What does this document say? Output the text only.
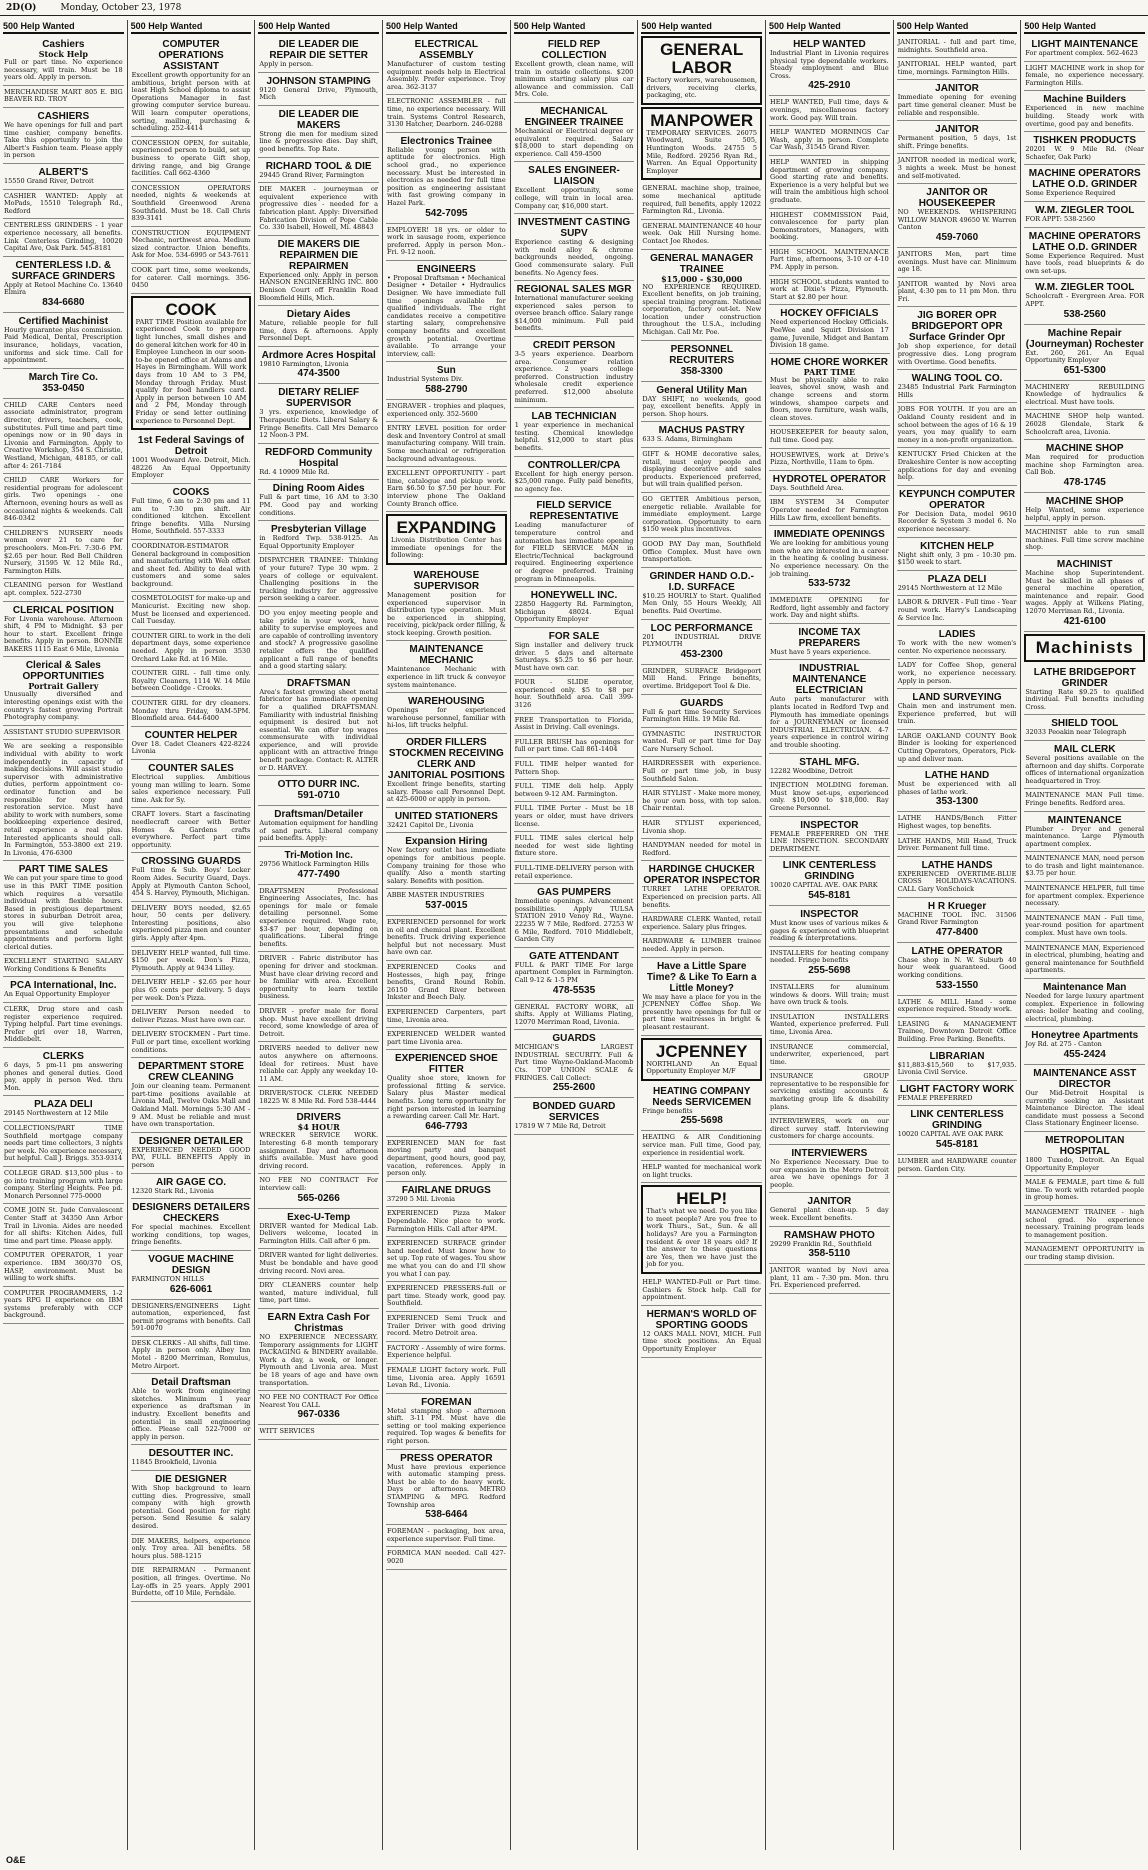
2D(O)	Monday, October 23, 1978
500 Help Wanted
Cashiers
Stock Help
Full or part time. No experience necessary, will train. Must be 18 years old. Apply in person.
MERCHANDISE MART 805 E. BIG BEAVER RD. TROY
CASHIERS
We have openings for full and part time cashier, company benefits. Take this opportunity to join the Albert's Fashion team. Please apply in person
ALBERT'S
15550 Grand River, Detroit
CASHIER WANTED: Apply at MoPads, 15510 Telegraph Rd., Redford
CENTERLESS GRINDERS - 1 year experience necessary, all benefits. Link Centerless Grinding, 10020 Capital Ave, Oak Park. 545-8181
CENTERLESS I.D. & SURFACE GRINDERS
Apply at Retool Machine Co. 13640 Elmira
834-6680
Certified Machinist
Hourly guarantee plus commission. Paid Medical, Dental, Prescription insurance, holidays, vacation, uniforms and sick time. Call for appointment.
March Tire Co.
353-0450
CHILD CARE Centers need associate administrator, program director, drivers, teachers, cook, substitutes. Full time and part time openings now or in 90 days in Livonia and Farmington. Apply to Creative Workshop, 354 S. Christie, Westland, Michigan, 48185, or call after 4: 261-7184
CHILD CARE Workers for residential program for adolescent girls. Two openings - one Afternoon, evening hours as well as occasional nights & weekends. Call 846-0342
CHILDREN'S NURSERY needs woman over 21 to care for preschoolers. Mon-Fri. 7:30-6 PM. $2.65 per hour. Red Bell Children Nursery, 31595 W. 12 Mile Rd., Farmington Hills.
CLEANING person for Westland apt. complex. 522-2730
CLERICAL POSITION
For Livonia warehouse. Afternoon shift, 4 PM to Midnight. $3 per hour to start. Excellent fringe benefits. Apply in person. BONNIE BAKERS 1115 East 6 Mile, Livonia
Clerical & Sales OPPORTUNITIES
Portrait Gallery
Unusually diversified and interesting openings exist with the country's fastest growing Portrait Photography company.
ASSISTANT STUDIO SUPERVISOR
We are seeking a responsible individual with ability to work independently in capacity of making decisions. Will assist studio supervisor with administrative duties, perform appointment co-ordinator function and be responsible for copy and restoration service. Must have ability to work with numbers, some bookkeeping experience desired, retail experience a real plus. Interested applicants should call: In Farmington, 553-3800 ext 219. In Livonia, 476-6300
PART TIME SALES
We can put your spare time to good use in this PART TIME position which requires a versatile individual with flexible hours. Based in prestigious department stores in suburban Detroit area, you will give telephone presentations and schedule appointments and perform light clerical duties.
EXCELLENT STARTING SALARY Working Conditions & Benefits
PCA International, Inc.
An Equal Opportunity Employer
CLERK, Drug store and cash register experience required. Typing helpful. Part time evenings. Prefer girl over 18, Warren, Middlebelt.
CLERKS
6 days, 5 pm-11 pm answering phones and general duties. Good pay, apply in person Wed. thru Mon.
PLAZA DELI
29145 Northwestern at 12 Mile
COLLECTIONS/PART TIME Southfield mortgage company needs part time collectors, 3 nights per week. No experience necessary, but helpful. Call J. Briggs. 353-9314
COLLEGE GRAD. $13,500 plus - to go into training program with large company. Sterling Heights. Fee pd. Monarch Personnel 775-0000
COME JOIN St. Jude Convalescent Center Staff at 34350 Ann Arbor Trail in Livonia. Aides are needed for all shifts: Kitchen Aides, full time and part time. Please apply.
COMPUTER OPERATOR, 1 year experience. IBM 360/370 OS, HASP, environment. Must be willing to work shifts.
COMPUTER PROGRAMMERS, 1-2 years RPG II experience on IBM systems preferably with CCP background.
500 Help Wanted
COMPUTER OPERATIONS ASSISTANT
Excellent growth opportunity for an ambitious, bright person with at least High School diploma to assist Operations Manager in fast growing computer service bureau. Will learn computer operations, sorting, mailing, purchasing & scheduling. 252-4414
CONCESSION OPEN, for suitable, experienced person to build, set up business to operate Gift shop, driving range, and big Grange facilities. Call 662-4360
CONCESSION OPERATORS needed, nights & weekends at Southfield Greenwood Arena Southfield. Must be 18. Call Chris 839-3141
CONSTRUCTION EQUIPMENT Mechanic, northwest area. Medium sized contractor. Union benefits. Ask for Moe. 534-6995 or 543-7611
COOK part time, some weekends, for caterer. Call mornings. 356-0450
COOK
PART TIME Position available for experienced Cook to prepare light lunches, small dishes and do general kitchen work for 40 in Employee Luncheon in our soon-to-be opened office at Adams and Hayes in Birmingham. Will work days from 10 AM to 3 PM, Monday through Friday. Must qualify for food handlers card. Apply in person between 10 AM and 2 PM, Monday through Friday or send letter outlining experience to Personnel Dept.
1st Federal Savings of Detroit
1001 Woodward Ave. Detroit, Mich. 48226 An Equal Opportunity Employer
COOKS
Full time, 6 am to 2:30 pm and 11 am to 7:30 pm shift. Air conditioned kitchen. Excellent fringe benefits. Villa Nursing Home, Southfield. 557-3333
COORDINATOR-ESTIMATOR General background in composition and manufacturing with Web offset and sheet fed. Ability to deal with customers and some sales background.
COSMETOLOGIST for make-up and Manicurist. Exciting new shop. Must be licensed and experienced. Call Tuesday.
COUNTER GIRL to work in the deli department days, some experience needed. Apply in person 3530 Orchard Lake Rd. at 16 Mile.
COUNTER GIRL - full time only. Royalty Cleaners, 1114 W. 14 Mile between Coolidge - Crooks.
COUNTER GIRL for dry cleaners. Monday thru Friday, 9AM-5PM. Bloomfield area. 644-6400
COUNTER HELPER
Over 18. Cadet Cleaners 422-8224 Livonia
COUNTER SALES
Electrical supplies. Ambitious young man willing to learn. Some sales experience necessary. Full time. Ask for Sy.
CRAFT lovers. Start a fascinating needlecraft career with Better Homes & Gardens crafts everywhere. Perfect part time opportunity.
CROSSING GUARDS
Full time & Sub. Boys' Locker Room Aides. Security Guard, Days. Apply at Plymouth Canton School, 454 S. Harvey, Plymouth, Michigan.
DELIVERY BOYS needed, $2.65 hour, 50 cents per delivery. Interesting positions, also experienced pizza men and counter girls. Apply after 4pm.
DELIVERY HELP wanted, full time. $150 per week. Don's Pizza, Plymouth. Apply at 9434 Lilley.
DELIVERY HELP - $2.65 per hour plus 65 cents per delivery. 5 days per week. Don's Pizza.
DELIVERY Person needed to deliver Pizzas. Must have own car.
DELIVERY STOCKMEN - Part time. Full or part time, excellent working conditions.
DEPARTMENT STORE CREW CLEANING
Join our cleaning team. Permanent part-time positions available at Livonia Mall, Twelve Oaks Mall and Oakland Mall. Mornings 5:30 AM - 9 AM. Must be reliable and must have own transportation.
DESIGNER DETAILER
EXPERIENCED NEEDED GOOD PAY, FULL BENEFITS Apply in person
AIR GAGE CO.
12320 Stark Rd., Livonia
DESIGNERS DETAILERS CHECKERS
For special machines. Excellent working conditions, top wages, fringe benefits.
VOGUE MACHINE DESIGN
FARMINGTON HILLS
626-6061
DESIGNERS/ENGINEERS Light automation, experienced, fast permit programs with benefits. Call 591-0070
DESK CLERKS - All shifts, full time. Apply in person only. Albey Inn Motel - 8200 Merriman, Romulus, Metro Airport.
Detail Draftsman
Able to work from engineering sketches. Minimum 1 year experience as draftsman in industry. Excellent benefits and potential in small engineering office. Please call 522-7000 or apply in person.
DESOUTTER INC.
11845 Brookfield, Livonia
DIE DESIGNER
With Shop background to learn cutting dies. Progressive, small company with high growth potential. Good position for right person. Send Resume & salary desired.
DIE MAKERS, helpers, experience only. Troy area. All benefits. 58 hours plus. 588-1215
DIE REPAIRMAN - Permanent position, all fringes. Overtime. No Lay-offs in 25 years. Apply 2901 Burdette, off 10 Mile, Ferndale.
500 Help Wanted
DIE LEADER DIE REPAIR DIE SETTER
Apply in person.
JOHNSON STAMPING
9120 General Drive, Plymouth, Mich
DIE LEADER DIE MAKERS
Strong die men for medium sized line & progressive dies. Day shift, good benefits. Top Rate.
RICHARD TOOL & DIE
29445 Grand River, Farmington
DIE MAKER - journeyman or equivalent experience with progressive dies - needed for a fabrication plant. Apply: Diversified Fabrication Division of Pope Cable Co. 330 Isabell, Howell, Mi. 48843
DIE MAKERS DIE REPAIRMEN DIE REPAIRMEN
Experienced only. Apply in person HANSON ENGINEERING INC. 800 Denison Court off Franklin Road Bloomfield Hills, Mich.
Dietary Aides
Mature, reliable people for full time, days & afternoons. Apply Personnel Dept.
Ardmore Acres Hospital
19810 Farmington, Livonia
474-3500
DIETARY RELIEF SUPERVISOR
3 yrs. experience, knowledge of Therapeutic Diets. Liberal Salary & Fringe Benefits. Call Mrs Demarco 12 Noon-3 PM.
REDFORD Community Hospital
Rd. 4 10909 Mile Rd.
Dining Room Aides
Full & part time, 16 AM to 3:30 PM. Good pay and working conditions.
Presbyterian Village
in Redford Twp. 538-9125. An Equal Opportunity Employer
DISPATCHER TRAINEE: Thinking of your future? Type 30 wpm. 2 years of college or equivalent. Challenging positions in the trucking industry for aggressive person seeking a career.
DO you enjoy meeting people and take pride in your work, have ability to supervise employees and are capable of controlling inventory and stock? A progressive gasoline retailer offers the qualified applicant a full range of benefits and a good starting salary.
DRAFTSMAN
Area's fastest growing sheet metal fabricator has immediate opening for a qualified DRAFTSMAN. Familiarity with industrial finishing equipment is desired but not essential. We can offer top wages commensurate with individual experience, and will provide applicant with an attractive fringe benefit package. Contact: R. ALTER or D. HARVEY.
OTTO DURR INC.
591-0710
Draftsman/Detailer
Automation equipment for handling of sand parts. Liberal company paid benefits. Apply:
Tri-Motion Inc.
29756 Whitlock Farmington Hills
477-7490
DRAFTSMEN Professional Engineering Associates, Inc. has openings for male or female detailing personnel. Some experience required. Wage rate, $3-$7 per hour, depending on qualifications. Liberal fringe benefits.
DRIVER - Fabric distributor has opening for driver and stockman. Must have clear driving record and be familiar with area. Excellent opportunity to learn textile business.
DRIVER - prefer male for floral shop. Must have excellent driving record, some knowledge of area of Detroit.
DRIVERS needed to deliver new autos anywhere on afternoons. Ideal for retirees. Must have reliable car. Apply any weekday 10-11 AM.
DRIVER/STOCK CLERK NEEDED 18225 W. 8 Mile Rd. Ford 538-4444
DRIVERS
$4 HOUR
WRECKER SERVICE WORK. Interesting 6-8 month temporary assignment. Day and afternoon shifts available. Must have good driving record.
NO FEE NO CONTRACT For interview call:
565-0266
Exec-U-Temp
DRIVER wanted for Medical Lab. Delivers welcome, located in Farmington Hills. Call after 6 pm.
DRIVER wanted for light deliveries. Must be bondable and have good driving record. Novi area.
DRY CLEANERS counter help wanted, mature individual, full time, part time.
EARN Extra Cash For Christmas
NO EXPERIENCE NECESSARY. Temporary assignments for LIGHT PACKAGING & BINDERY available. Work a day, a week, or longer. Plymouth and Livonia area. Must be 18 years of age and have own transportation.
NO FEE NO CONTRACT For Office Nearest You CALL
967-0336
WITT SERVICES
500 Help Wanted
ELECTRICAL ASSEMBLY
Manufacturer of custom testing equipment needs help in Electrical Assembly. Prefer experience. Troy area. 362-3137
ELECTRONIC ASSEMBLER - full time, no experience necessary. Will train. Systems Control Research, 3130 Hatcher, Dearborn. 246-0288
Electronics Trainee
Reliable young person with aptitude for electronics. High school grad., no experience necessary. Must be interested in electronics as needed for full time position as engineering assistant with fast growing company in Hazel Park.
542-7095
EMPLOYER! 18 yrs. or older to work in sausage room, experience preferred. Apply in person Mon.-Fri. 9-12 noon.
ENGINEERS
• Proposal Draftsman • Mechanical Designer • Detailer • Hydraulics Designer. We have immediate full time openings available for qualified individuals. The right candidates receive a competitive starting salary, comprehensive company benefits and excellent growth potential. Overtime available. To arrange your interview, call:
Sun
Industrial Systems Div.
588-2790
ENGRAVER - trophies and plaques, experienced only. 352-5600
ENTRY LEVEL position for order desk and Inventory Control at small manufacturing company. Will train. Some mechanical or refrigeration background advantageous.
EXCELLENT OPPORTUNITY - part time, catalogue and pickup work. Earn $6.50 to $7.50 per hour. For interview phone The Oakland County Branch office.
EXPANDING
Livonia Distribution Center has immediate openings for the following:
WAREHOUSE SUPERVISOR
Management position for experienced supervisor in distribution type operation. Must be experienced in shipping, receiving, pick/pack order filling, & stock keeping. Growth position.
MAINTENANCE MECHANIC
Maintenance Mechanic with experience in lift truck & conveyor system maintenance.
WAREHOUSING
Openings for experienced warehouse personnel, familiar with hi-los, lift trucks helpful.
ORDER FILLERS STOCKMEN RECEIVING CLERK AND JANITORIAL POSITIONS
Excellent fringe benefits, starting salary. Please call Personnel Dept. at 425-6000 or apply in person.
UNITED STATIONERS
32421 Capitol Dr., Livonia
Expansion Hiring
New factory outlet has immediate openings for ambitious people. Company training for those who qualify. Also a month starting salary. Benefits with position.
ABBE MASTER INDUSTRIES
537-0015
EXPERIENCED personnel for work in oil and chemical plant. Excellent benefits. Truck driving experience helpful but not necessary. Must have own car.
EXPERIENCED Cooks and Hostesses, high pay, fringe benefits, Grand Round Robin. 26150 Grand River between Inkster and Beech Daly.
EXPERIENCED Carpenters, part time, Livonia area.
EXPERIENCED WELDER wanted part time Livonia area.
EXPERIENCED SHOE FITTER
Quality shoe store, known for professional fitting & service. Salary plus Master medical benefits. Long term opportunity for right person interested in learning a rewarding career. Call Mr. Hart.
646-7793
EXPERIENCED MAN for fast moving party and banquet department, good hours, good pay, vacation, references. Apply in person only.
FAIRLANE DRUGS
37290 5 Mil. Livonia
EXPERIENCED Pizza Maker Dependable. Nice place to work. Farmington Hills. Call after 4PM.
EXPERIENCED SURFACE grinder hand needed. Must know how to set up. Top rate of wages. You show me what you can do and I'll show you what I can pay.
EXPERIENCED PRESSERS-full or part time. Steady work, good pay. Southfield.
EXPERIENCED Semi Truck and Trailer Driver with good driving record. Metro Detroit area.
FACTORY - Assembly of wire forms. Experience helpful.
FEMALE LIGHT factory work. Full time, Livonia area. Apply 16591 Levan Rd., Livonia.
FOREMAN
Metal stamping shop - afternoon shift. 3-11 PM. Must have die setting or tool making experience required. Top wages & benefits for right person.
PRESS OPERATOR
Must have previous experience with automatic stamping press. Must be able to do heavy work. Days or afternoons. METRO STAMPING & MFG. Redford Township area
538-6464
FOREMAN - packaging, box area, experience supervisor. Full time.
FORMICA MAN needed. Call 427-9020
500 Help Wanted
FIELD REP COLLECTION
Excellent growth, clean name, will train in outside collections. $200 minimum starting salary plus car allowance and commission. Call Mrs. Cole.
MECHANICAL ENGINEER TRAINEE
Mechanical or Electrical degree or equivalent required. Salary $18,000 to start depending on experience. Call 459-4500
SALES ENGINEER-LIAISON
Excellent opportunity, some college, will train in local area. Company car, $16,000 start.
INVESTMENT CASTING SUPV
Experience casting & designing with mold alloy & chrome backgrounds needed, ongoing. Good commensurate salary. Full benefits. No Agency fees.
REGIONAL SALES MGR
International manufacturer seeking experienced sales person to oversee branch office. Salary range $14,000 minimum. Full paid benefits.
CREDIT PERSON
3-5 years experience. Dearborn area. Consumer relation experience. 2 years college preferred. Construction industry wholesale credit experience preferred. $12,000 absolute minimum.
LAB TECHNICIAN
1 year experience in mechanical testing. Chemical knowledge helpful. $12,000 to start plus benefits.
CONTROLLER/CPA
Excellent for high energy person. $25,000 range. Fully paid benefits, no agency fee.
FIELD SERVICE REPRESENTATIVE
Leading manufacturer of temperature control and automation has immediate opening for FIELD SERVICE MAN in Electric/Technical background required. Engineering experience or degree preferred. Training program in Minneapolis.
HONEYWELL INC.
22850 Haggerty Rd. Farmington, Michigan 48024. Equal Opportunity Employer
FOR SALE
Sign installer and delivery truck driver. 5 days and alternate Saturdays. $5.25 to $6 per hour. Must have own car.
FOUR - SLIDE operator, experienced only. $5 to $8 per hour. Southfield area. Call 399-3126
FREE Transportation to Florida, Assist in Driving. Call evenings.
FULLER BRUSH has openings for full or part time. Call 861-1404
FULL TIME helper wanted for Pattern Shop.
FULL TIME deli help. Apply between 9-12 AM. Farmington.
FULL TIME Porter - Must be 18 years or older, must have drivers license.
FULL TIME sales clerical help needed for west side lighting fixture store.
FULL-TIME-DELIVERY person with retail experience.
GAS PUMPERS
Immediate openings. Advancement possibilities. Apply TULSA STATION 2910 Venoy Rd., Wayne. 22235 W 7 Mile, Redford. 27253 W 6 Mile, Redford. 7010 Middlebelt, Garden City
GATE ATTENDANT
FULL & PART TIME For large apartment Complex in Farmington. Call 9-12 & 1-5 PM
478-5535
GENERAL FACTORY WORK, all shifts. Apply at Williams Plating, 12070 Merriman Road, Livonia.
GUARDS
MICHIGAN'S LARGEST INDUSTRIAL SECURITY. Full & Part time Wayne-Oakland-Macomb Cts. TOP UNION SCALE & FRINGES. Call Collect:
255-2600
BONDED GUARD SERVICES
17819 W 7 Mile Rd, Detroit
500 Help wanted
GENERAL LABOR
Factory workers, warehousemen, drivers, receiving clerks, packaging, etc.
MANPOWER
TEMPORARY SERVICES. 26075 Woodward, Suite 505, Huntington Woods. 24755 5 Mile, Redford. 29256 Ryan Rd., Warren. An Equal Opportunity Employer
GENERAL machine shop, trainee, some mechanical aptitude required, full benefits, apply 12022 Farmington Rd., Livonia.
GENERAL MAINTENANCE 40 hour week. Oak Hill Nursing home. Contact Joe Rhodes.
GENERAL MANAGER TRAINEE
$15,000 - $30,000
NO EXPERIENCE REQUIRED. Excellent benefits, on job training, special training program. National corporation, factory out-let. New location under construction throughout the U.S.A., including Michigan. Call Mr. Poe.
PERSONNEL RECRUITERS
358-3300
General Utility Man
DAY SHIFT, no weekends, good pay, excellent benefits. Apply in person. Shop hours.
MACHUS PASTRY
633 S. Adams, Birmingham
GIFT & HOME decorative sales, retail, must enjoy people and displaying decorative and sales products. Experienced preferred, but will train qualified person.
GO GETTER Ambitious person, energetic reliable. Available for immediate employment. Large corporation. Opportunity to earn $150 week plus incentives.
GOOD PAY Day man, Southfield Office Complex. Must have own transportation.
GRINDER HAND O.D.-I.D. SURFACE
$10.25 HOURLY to Start. Qualified Men Only, 55 Hours Weekly, All benefits. Paid Overtime.
LOC PERFORMANCE
201 INDUSTRIAL DRIVE PLYMOUTH
453-2300
GRINDER, SURFACE Bridgeport Mill Hand. Fringe benefits, overtime. Bridgeport Tool & Die.
GUARDS
Full & part time Security Services Farmington Hills. 19 Mile Rd.
GYMNASTIC INSTRUCTOR wanted. Full or part time for Day Care Nursery School.
HAIRDRESSER with experience. Full or part time job, in busy Southfield Salon.
HAIR STYLIST - Make more money, be your own boss, with top salon. Chair rental.
HAIR STYLIST experienced, Livonia shop.
HANDYMAN needed for motel in Redford.
HARDINGE CHUCKER OPERATOR INSPECTOR
TURRET LATHE OPERATOR. Experienced on precision parts. All benefits.
HARDWARE CLERK Wanted, retail experience. Salary plus fringes.
HARDWARE & LUMBER trainee needed. Apply in person.
Have a Little Spare Time? & Like To Earn a Little Money?
We may have a place for you in the JCPENNEY Coffee Shop. We presently have openings for full or part time waitresses in bright & pleasant restaurant.
JCPENNEY
NORTHLAND An Equal Opportunity Employer M/F
HEATING COMPANY Needs SERVICEMEN
Fringe benefits
255-5698
HEATING & AIR Conditioning service man. Full time, Good pay, experience in residential work.
HELP wanted for mechanical work on light trucks.
HELP!
That's what we need. Do you like to meet people? Are you free to work Thurs., Sat., Sun. & all holidays? Are you a Farmington resident & over 18 years old? If the answer to these questions are Yes, then we have just the job for you.
HELP WANTED-Full or Part time. Cashiers & Stock help. Call for appointment.
HERMAN'S WORLD OF SPORTING GOODS
12 OAKS MALL NOVI, MICH. Full time stock positions. An Equal Opportunity Employer
500 Help Wanted
HELP WANTED
Industrial Plant in Livonia requires physical type dependable workers. Steady employment and Blue Cross.
425-2910
HELP WANTED, Full time, days & evenings, miscellaneous factory work. Good pay. Will train.
HELP WANTED MORNINGS Car Wash, apply in person. Complete Car Wash, 31545 Grand River.
HELP WANTED in shipping department of growing company. Good starting rate and benefits. Experience is a very helpful but we will train the ambitious high school graduate.
HIGHEST COMMISSION Paid, convalescence for party plan Demonstrators, Managers, with booking.
HIGH SCHOOL MAINTENANCE Part time, afternoons, 3-10 or 4-10 PM. Apply in person.
HIGH SCHOOL students wanted to work at Dixie's Pizza, Plymouth. Start at $2.80 per hour.
HOCKEY OFFICIALS
Need experienced Hockey Officials. PeeWee and Squirt Division 17 game, Juvenile, Midget and Bantam Division 18 game.
HOME CHORE WORKER
PART TIME
Must be physically able to rake leaves, shovel snow, wash and change screens and storm windows, shampoo carpets and floors, move furniture, wash walls, clean stoves.
HOUSEKEEPER for beauty salon, full time. Good pay.
HOUSEWIVES, work at Drive's Pizza, Northville, 11am to 6pm.
HYDROTEL OPERATOR
Days. Southfield Area.
IBM SYSTEM 34 Computer Operator needed for Farmington Hills Law firm, excellent benefits.
IMMEDIATE OPENINGS
We are looking for ambitious young men who are interested in a career in the heating & cooling business. No experience necessary. On the job training.
533-5732
IMMEDIATE OPENING for Redford, light assembly and factory work. Day and night shifts.
INCOME TAX PREPARERS
Must have 5 years experience.
INDUSTRIAL MAINTENANCE ELECTRICIAN
Auto parts manufacturer with plants located in Redford Twp and Plymouth has immediate openings for a JOURNEYMAN or licensed INDUSTRIAL ELECTRICIAN. 4-7 years experience in control wiring and trouble shooting.
STAHL MFG.
12282 Woodbine, Detroit
INJECTION MOLDING foreman. Must know set-ups, experienced only. $10,000 to $18,000. Ray Greene Personnel.
INSPECTOR
FEMALE PREFERRED ON THE LINE INSPECTION. SECONDARY DEPARTMENT.
LINK CENTERLESS GRINDING
10020 CAPITAL AVE. OAK PARK
545-8181
INSPECTOR
Must know uses of various mikes & gages & experienced with blueprint reading & interpretations.
INSTALLERS for heating company needed. Fringe benefits
255-5698
INSTALLERS for aluminum windows & doors. Will train; must have own truck & tools.
INSULATION INSTALLERS Wanted, experience preferred. Full time, Livonia Area.
INSURANCE commercial, underwriter, experienced, part time.
INSURANCE GROUP representative to be responsible for servicing existing accounts & marketing group life & disability plans.
INTERVIEWERS, work on our direct survey staff. Interviewing customers for charge accounts.
INTERVIEWERS
No Experience Necessary. Due to our expansion in the Metro Detroit area we have openings for 3 people.
JANITOR
General plant clean-up. 5 day week. Excellent benefits.
RAMSHAW PHOTO
29299 Franklin Rd., Southfield
358-5110
JANITOR wanted by Novi area plant, 11 am - 7:30 pm. Mon. thru Fri. Experienced preferred.
500 Help Wanted
JANITORIAL - full and part time, midnights. Southfield area.
JANITORIAL HELP wanted, part time, mornings. Farmington Hills.
JANITOR
Immediate opening for evening part time general cleaner. Must be reliable and responsible.
JANITOR
Permanent position, 5 days, 1st shift. Fringe benefits.
JANITOR needed in medical work, 3 nights a week. Must be honest and self-motivated.
JANITOR OR HOUSEKEEPER
NO WEEKENDS. WHISPERING WILLOW MANOR 49650 W. Warren Canton
459-7060
JANITORS Men, part time evenings. Must have car. Minimum age 18.
JANITOR wanted by Novi area plant, 4:30 pm to 11 pm Mon. thru Fri.
JIG BORER OPR BRIDGEPORT OPR Surface Grinder Opr
Job shop experience, for detail progressive dies. Long program with Overtime. Good benefits.
WALING TOOL CO.
23485 Industrial Park Farmington Hills
JOBS FOR YOUTH. If you are an Oakland County resident and in school between the ages of 16 & 19 years, you may qualify to earn money in a non-profit organization.
KENTUCKY Fried Chicken at the Drakeshire Center is now accepting applications for day and evening help.
KEYPUNCH COMPUTER OPERATOR
For Decision Data, model 9610 Recorder & System 3 model 6. No experience necessary.
KITCHEN HELP
Night shift only, 3 pm - 10:30 pm. $150 week to start.
PLAZA DELI
29145 Northwestern at 12 Mile
LABOR & DRIVER - Full time - Year round work. Harry's Landscaping & Service Inc.
LADIES
To work with the new women's center. No experience necessary.
LADY for Coffee Shop, general work, no experience necessary. Apply in person.
LAND SURVEYING
Chain men and instrument men. Experience preferred, but will train.
LARGE OAKLAND COUNTY Book Binder is looking for experienced Cutting Operators, Operators, Pick-up and deliver man.
LATHE HAND
Must be experienced with all phases of lathe work.
353-1300
LATHE HANDS/Bench Fitter Highest wages, top benefits.
LATHE HANDS, Mill Hand, Truck Driver. Permanent full time.
LATHE HANDS
EXPERIENCED OVERTIME-BLUE CROSS HOLIDAYS-VACATIONS. CALL Gary VonSchoick
H R Krueger
MACHINE TOOL INC. 31506 Grand River Farmington
477-8400
LATHE OPERATOR
Chase shop in N. W. Suburb 40 hour week guaranteed. Good working conditions.
533-1550
LATHE & MILL Hand - some experience required. Steady work.
LEASING & MANAGEMENT Trainee, Downtown Detroit Office Building. Free Parking. Benefits.
LIBRARIAN
$11,883-$15,560 to $17,935. Livonia Civil Service.
LIGHT FACTORY WORK
FEMALE PREFERRED
LINK CENTERLESS GRINDING
10020 CAPITAL AVE OAK PARK
545-8181
LUMBER and HARDWARE counter person. Garden City.
500 Help Wanted
LIGHT MAINTENANCE
For apartment complex. 562-4623
LIGHT MACHINE work in shop for female, no experience necessary. Farmington Hills.
Machine Builders
Experienced in new machine building. Steady work with overtime, good pay and benefits.
TISHKEN PRODUCTS
20201 W. 9 Mile Rd. (Near Schaefer, Oak Park)
MACHINE OPERATORS LATHE O.D. GRINDER
Some Experience Required
W.M. ZIEGLER TOOL
FOR APPT: 538-2560
MACHINE OPERATORS LATHE O.D. GRINDER
Some Experience Required. Must have tools, read blueprints & do own set-ups.
W.M. ZIEGLER TOOL
Schoolcraft - Evergreen Area. FOR APPT.
538-2560
Machine Repair (Journeyman) Rochester
Ext. 260, 261. An Equal Opportunity Employer
651-5300
MACHINERY REBUILDING Knowledge of hydraulics & electrical. Must have tools.
MACHINE SHOP help wanted. 26028 Glendale, Stark & Schoolcraft area, Livonia.
MACHINE SHOP
Man required for production machine shop Farmington area. Call Bob.
478-1745
MACHINE SHOP
Help Wanted, some experience helpful, apply in person.
MACHINIST able to run small machines. Full time screw machine shop.
MACHINIST
Machine shop Superintendent. Must be skilled in all phases of general machine operation, maintenance and repair. Good wages. Apply at Wilkens Plating, 12070 Merriman Rd., Livonia.
421-6100
Machinists
LATHE BRIDGEPORT GRINDER
Starting Rate $9.25 to qualified individual. Full benefits including Cross.
SHIELD TOOL
32033 Peoakin near Telegraph
MAIL CLERK
Several positions available on the afternoon and day shifts. Corporate offices of international organization headquartered in Troy.
MAINTENANCE MAN Full time. Fringe benefits. Redford area.
MAINTENANCE
Plumber - Dryer and general maintenance. Large Plymouth apartment complex.
MAINTENANCE MAN, need person to do trash and light maintenance. $3.75 per hour.
MAINTENANCE HELPER, full time for apartment complex. Experience necessary.
MAINTENANCE MAN - Full time, year-round position for apartment complex. Must have own tools.
MAINTENANCE MAN, Experienced in electrical, plumbing, heating and general maintenance for Southfield apartments.
Maintenance Man
Needed for large luxury apartment complex. Experience in following areas: boiler heating and cooling, electrical, plumbing.
Honeytree Apartments
Joy Rd. at 275 - Canton
455-2424
MAINTENANCE ASST DIRECTOR
Our Mid-Detroit Hospital is currently seeking an Assistant Maintenance Director. The ideal candidate must possess a Second Class Stationary Engineer license.
METROPOLITAN HOSPITAL
1800 Tuxedo, Detroit. An Equal Opportunity Employer
MALE & FEMALE, part time & full time. To work with retarded people in group homes.
MANAGEMENT TRAINEE - high school grad. No experience necessary. Training program leads to management position.
MANAGEMENT OPPORTUNITY in our trading stamp division.
O&E
